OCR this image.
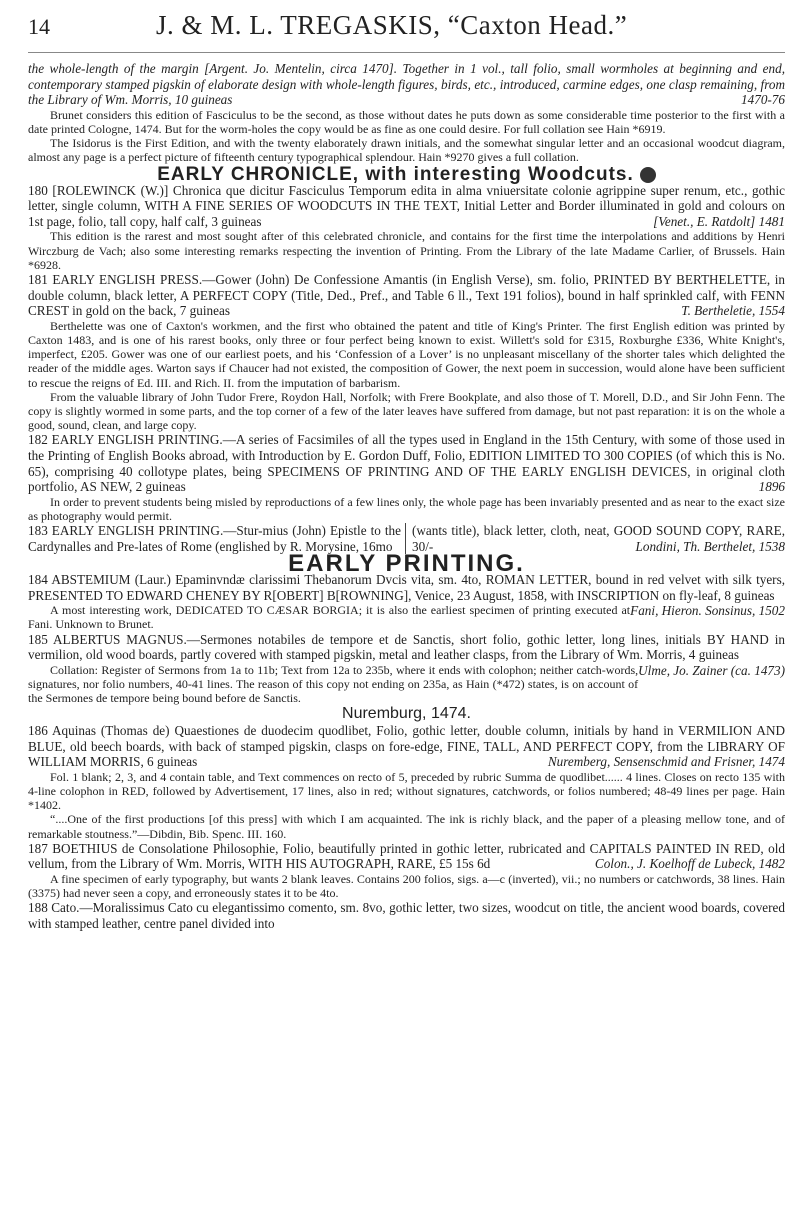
14	J. & M. L. TREGASKIS, “Caxton Head.”

the whole-length of the margin [Argent. Jo. Mentelin, circa 1470]. Together in 1 vol., tall folio, small wormholes at beginning and end, contemporary stamped pigskin of elaborate design with whole-length figures, birds, etc., introduced, carmine edges, one clasp remaining, from the Library of Wm. Morris, 10 guineas	1470-76

Brunet considers this edition of Fasciculus to be the second, as those without dates he puts down as some considerable time posterior to the first with a date printed Cologne, 1474. But for the worm-holes the copy would be as fine as one could desire. For full collation see Hain *6919.

The Isidorus is the First Edition, and with the twenty elaborately drawn initials, and the somewhat singular letter and an occasional woodcut diagram, almost any page is a perfect picture of fifteenth century typographical splendour. Hain *9270 gives a full collation.

EARLY CHRONICLE, with interesting Woodcuts.

180 [ROLEWINCK (W.)] Chronica que dicitur Fasciculus Temporum edita in alma vniuersitate colonie agrippine super renum, etc., gothic letter, single column, WITH A FINE SERIES OF WOODCUTS IN THE TEXT, Initial Letter and Border illuminated in gold and colours on 1st page, folio, tall copy, half calf, 3 guineas	[Venet., E. Ratdolt] 1481

This edition is the rarest and most sought after of this celebrated chronicle, and contains for the first time the interpolations and additions by Henri Wirczburg de Vach; also some interesting remarks respecting the invention of Printing. From the Library of the late Madame Carlier, of Brussels. Hain *6928.

181 EARLY ENGLISH PRESS.—Gower (John) De Confessione Amantis (in English Verse), sm. folio, PRINTED BY BERTHELETTE, in double column, black letter, A PERFECT COPY (Title, Ded., Pref., and Table 6 ll., Text 191 folios), bound in half sprinkled calf, with FENN CREST in gold on the back, 7 guineas	T. Bertheletie, 1554

Berthelette was one of Caxton's workmen, and the first who obtained the patent and title of King's Printer. The first English edition was printed by Caxton 1483, and is one of his rarest books, only three or four perfect being known to exist. Willett's sold for £315, Roxburghe £336, White Knight's, imperfect, £205. Gower was one of our earliest poets, and his ‘Confession of a Lover’ is no unpleasant miscellany of the shorter tales which delighted the reader of the middle ages. Warton says if Chaucer had not existed, the composition of Gower, the next poem in succession, would alone have been sufficient to rescue the reigns of Ed. III. and Rich. II. from the imputation of barbarism.

From the valuable library of John Tudor Frere, Roydon Hall, Norfolk; with Frere Bookplate, and also those of T. Morell, D.D., and Sir John Fenn. The copy is slightly wormed in some parts, and the top corner of a few of the later leaves have suffered from damage, but not past reparation: it is on the whole a good, sound, clean, and large copy.

182 EARLY ENGLISH PRINTING.—A series of Facsimiles of all the types used in England in the 15th Century, with some of those used in the Printing of English Books abroad, with Introduction by E. Gordon Duff, Folio, EDITION LIMITED TO 300 COPIES (of which this is No. 65), comprising 40 collotype plates, being SPECIMENS OF PRINTING AND OF THE EARLY ENGLISH DEVICES, in original cloth portfolio, AS NEW, 2 guineas	1896

In order to prevent students being misled by reproductions of a few lines only, the whole page has been invariably presented and as near to the exact size as photography would permit.

183 EARLY ENGLISH PRINTING.—Stur-mius (John) Epistle to the Cardynalles and Pre-lates of Rome (englished by R. Morysine, 16mo
(wants title), black letter, cloth, neat, GOOD SOUND COPY, RARE, 30/-	Londini, Th. Berthelet, 1538

EARLY PRINTING.

184 ABSTEMIUM (Laur.) Epaminvndæ clarissimi Thebanorum Dvcis vita, sm. 4to, ROMAN LETTER, bound in red velvet with silk tyers, PRESENTED TO EDWARD CHENEY BY R[OBERT] B[ROWNING], Venice, 23 August, 1858, with INSCRIPTION on fly-leaf, 8 guineas
Fani, Hieron. Sonsinus, 1502

A most interesting work, DEDICATED TO CÆSAR BORGIA; it is also the earliest specimen of printing executed at Fani. Unknown to Brunet.

185 ALBERTUS MAGNUS.—Sermones notabiles de tempore et de Sanctis, short folio, gothic letter, long lines, initials BY HAND in vermilion, old wood boards, partly covered with stamped pigskin, metal and leather clasps, from the Library of Wm. Morris, 4 guineas
Ulme, Jo. Zainer (ca. 1473)

Collation: Register of Sermons from 1a to 11b; Text from 12a to 235b, where it ends with colophon; neither catch-words, signatures, nor folio numbers, 40-41 lines. The reason of this copy not ending on 235a, as Hain (*472) states, is on account of the Sermones de tempore being bound before de Sanctis.

Nuremburg, 1474.

186 Aquinas (Thomas de) Quaestiones de duodecim quodlibet, Folio, gothic letter, double column, initials by hand in VERMILION AND BLUE, old beech boards, with back of stamped pigskin, clasps on fore-edge, FINE, TALL, AND PERFECT COPY, from the LIBRARY OF WILLIAM MORRIS, 6 guineas	Nuremberg, Sensenschmid and Frisner, 1474

Fol. 1 blank; 2, 3, and 4 contain table, and Text commences on recto of 5, preceded by rubric Summa de quodlibet...... 4 lines. Closes on recto 135 with 4-line colophon in RED, followed by Advertisement, 17 lines, also in red; without signatures, catchwords, or folios numbered; 48-49 lines per page. Hain *1402.

“....One of the first productions [of this press] with which I am acquainted. The ink is richly black, and the paper of a pleasing mellow tone, and of remarkable stoutness.”—Dibdin, Bib. Spenc. III. 160.

187 BOETHIUS de Consolatione Philosophie, Folio, beautifully printed in gothic letter, rubricated and CAPITALS PAINTED IN RED, old vellum, from the Library of Wm. Morris, WITH HIS AUTOGRAPH, RARE, £5 15s 6d	Colon., J. Koelhoff de Lubeck, 1482

A fine specimen of early typography, but wants 2 blank leaves. Contains 200 folios, sigs. a—c (inverted), vii.; no numbers or catchwords, 38 lines. Hain (3375) had never seen a copy, and erroneously states it to be 4to.

188 Cato.—Moralissimus Cato cu elegantissimo comento, sm. 8vo, gothic letter, two sizes, woodcut on title, the ancient wood boards, covered with stamped leather, centre panel divided into
